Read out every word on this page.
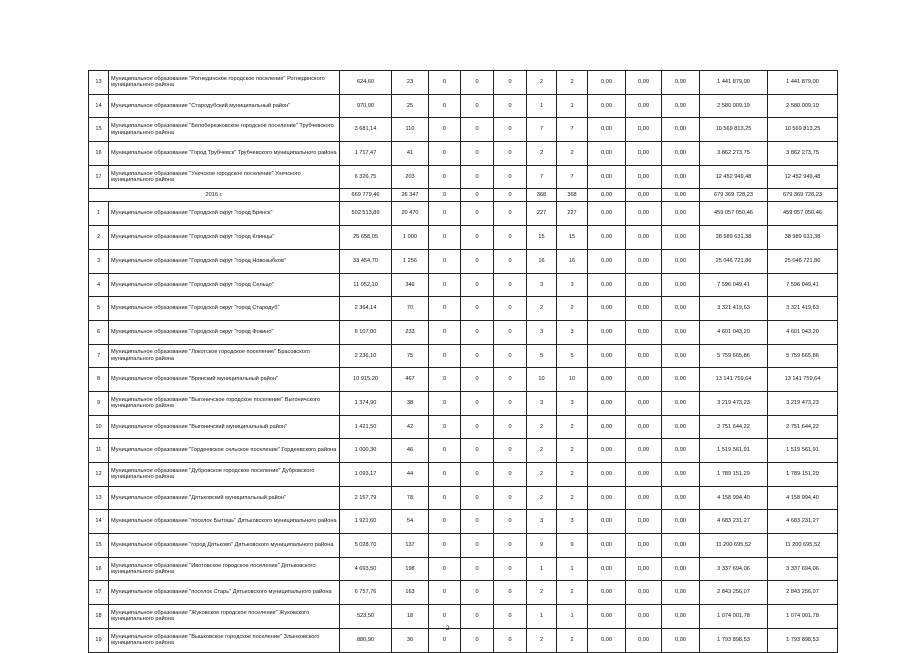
13	Муниципальное образование "Рогнединское городское поселение" Рогнединского муниципального района	624,60	23	0	0	0	2	2	0,00	0,00	0,00	1 441 879,00	1 441 879,00
14	Муниципальное образование "Стародубский муниципальный район"	970,00	25	0	0	0	1	1	0,00	0,00	0,00	2 580 009,19	2 580 009,19
15	Муниципальное образование "Белоберезковское городское поселение" Трубчевского муниципального района	3 681,14	110	0	0	0	7	7	0,00	0,00	0,00	10 569 813,25	10 569 813,25
16	Муниципальное образование "Город Трубчевск" Трубчевского муниципального района	1 717,47	41	0	0	0	2	2	0,00	0,00	0,00	3 862 273,75	3 862 273,75
17	Муниципальное образование "Унечское городское поселение" Унечского муниципального района	6 326,75	203	0	0	0	7	7	0,00	0,00	0,00	12 452 949,48	12 452 949,48
2016 г.		669 779,46	26 347	0	0	0	368	368	0,00	0,00	0,00	679 369 728,23	679 369 728,23
1	Муниципальное образование "Городской округ "город Брянск"	502 513,89	20 470	0	0	0	227	227	0,00	0,00	0,00	459 057 050,46	459 057 050,46
2	Муниципальное образование "Городской округ "город Клинцы"	25 658,05	1 000	0	0	0	15	15	0,00	0,00	0,00	38 989 631,38	38 989 631,38
3	Муниципальное образование "Городской округ "город Новозыбков"	33 454,70	1 256	0	0	0	16	16	0,00	0,00	0,00	25 046 721,86	25 046 721,86
4	Муниципальное образование "Городской округ "город Сельцо"	11 052,10	346	0	0	0	3	3	0,00	0,00	0,00	7 596 049,41	7 596 049,41
5	Муниципальное образование "Городской округ "город Стародуб"	2 364,14	70	0	0	0	2	2	0,00	0,00	0,00	3 321 419,63	3 321 419,63
6	Муниципальное образование "Городской округ "город Фокино"	6 107,00	233	0	0	0	3	3	0,00	0,00	0,00	4 601 043,20	4 601 043,20
7	Муниципальное образование "Локотское городское поселение" Брасовского муниципального района	2 236,10	75	0	0	0	5	5	0,00	0,00	0,00	5 759 665,86	5 759 665,86
8	Муниципальное образование "Брянский муниципальный район"	10 915,20	467	0	0	0	10	10	0,00	0,00	0,00	13 141 759,64	13 141 759,64
9	Муниципальное образование "Выгоничское городское поселение" Выгоничского муниципального района	1 374,90	38	0	0	0	3	3	0,00	0,00	0,00	3 219 473,23	3 219 473,23
10	Муниципальное образование "Выгоничский муниципальный район"	1 421,50	42	0	0	0	2	2	0,00	0,00	0,00	2 751 644,22	2 751 644,22
11	Муниципальное образование "Гордеевское сельское поселение" Гордеевского района	1 000,30	46	0	0	0	2	2	0,00	0,00	0,00	1 519 561,91	1 519 561,91
12	Муниципальное образование "Дубровское городское поселение" Дубровского муниципального района	1 093,17	44	0	0	0	2	2	0,00	0,00	0,00	1 789 151,29	1 789 151,29
13	Муниципальное образование "Дятьковский муниципальный район"	2 157,79	78	0	0	0	2	2	0,00	0,00	0,00	4 158 994,40	4 158 994,40
14	Муниципальное образование "поселок Бытошь" Дятьковского муниципального района	1 921,60	54	0	0	0	3	3	0,00	0,00	0,00	4 683 231,27	4 683 231,27
15	Муниципальное образование "город Дятьково" Дятьковского муниципального района	5 028,70	137	0	0	0	9	9	0,00	0,00	0,00	11 200 695,52	11 200 695,52
16	Муниципальное образование "Ивотовское городское поселение" Дятьковского муниципального района	4 693,50	198	0	0	0	1	1	0,00	0,00	0,00	3 337 694,06	3 337 694,06
17	Муниципальное образование "поселок Старь" Дятьковского муниципального района	6 757,76	163	0	0	0	2	2	0,00	0,00	0,00	2 843 256,07	2 843 256,07
18	Муниципальное образование "Жуковское городское поселение" Жуковского муниципального района	523,50	18	0	0	0	1	1	0,00	0,00	0,00	1 074 001,78	1 074 001,78
19	Муниципальное образование "Вышковское городское поселение" Злынковского муниципального района	880,90	30	0	0	0	2	2	0,00	0,00	0,00	1 793 898,53	1 793 898,53
2
